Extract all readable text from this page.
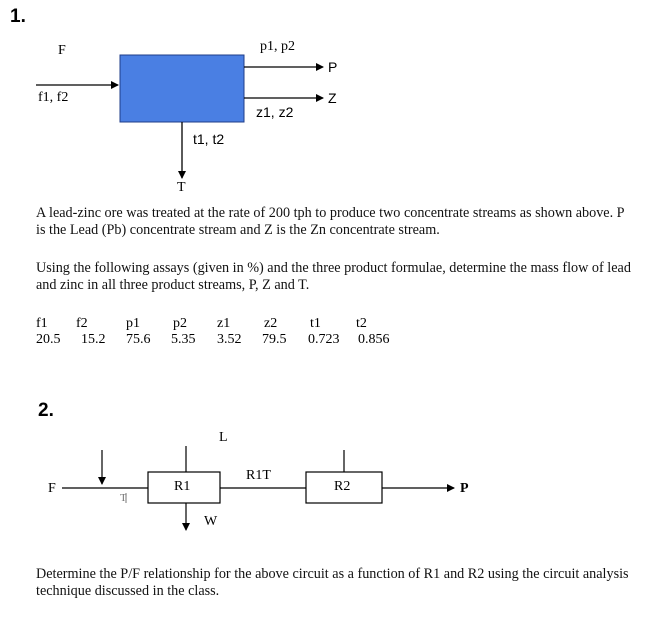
1.
F
f1, f2
p1, p2
P
Z
z1, z2
t1, t2
T
A lead-zinc ore was treated at the rate of 200 tph to produce two concentrate streams as shown above. P is the Lead (Pb) concentrate stream and Z is the Zn concentrate stream.
Using the following assays (given in %) and the three product formulae, determine the mass flow of lead and zinc in all three product streams, P, Z and T.
f1 f2	p1 p2 z1 z2 t1	t2
20.5 15.2 75.6 5.35 3.52 79.5 0.723 0.856
2.
F
T
L
R1
R1T
R2	P
W
Determine the P/F relationship for the above circuit as a function of R1 and R2 using the circuit analysis technique discussed in the class.
